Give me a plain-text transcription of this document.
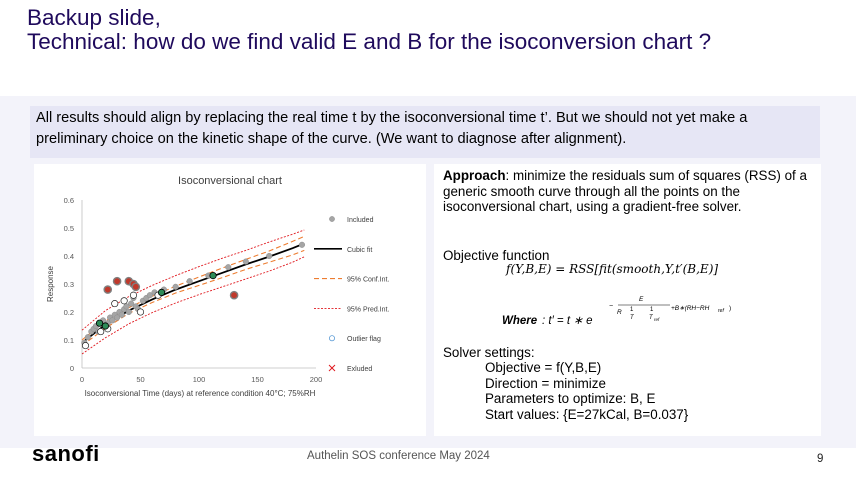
Backup slide,
Technical: how do we find valid E and B for the isoconversion chart ?

All results should align by replacing the real time t by the isoconversional time t’. But we should not yet make a preliminary choice on the kinetic shape of the curve. (We want to diagnose after alignment).

Isoconversional chart
0
0.1
0.2
0.3
0.4
0.5
0.6
0	50	100	150	200
Included
Cubic fit
95% Conf.Int.
95% Pred.Int.
Outlier flag
Exluded
Isoconversional Time (days) at reference condition 40°C; 75%RH
Response
Approach: minimize the residuals sum of squares (RSS) of a generic smooth curve through all the points on the isoconversional chart, using a gradient-free solver.
Objective function
f(Y,B,E) = RSS[fit(smooth,Y,t′(B,E)]
Where : t′ = t ∗ e
−
E
R 1	1
T	T ref
+B∗(RH−RH ref )
Solver settings:
Objective = f(Y,B,E)
Direction = minimize
Parameters to optimize: B, E
Start values: {E=27kCal, B=0.037}
sanofi	Authelin SOS conference May 2024	9
